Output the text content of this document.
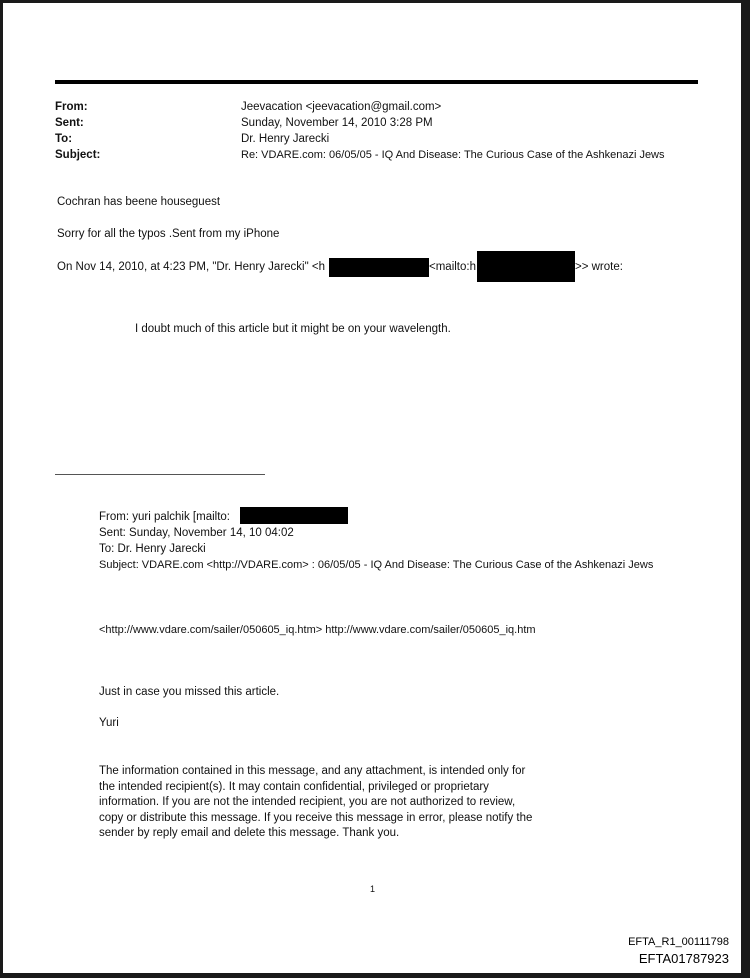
From:
Sent:
To:
Subject:
Jeevacation <jeevacation@gmail.com>
Sunday, November 14, 2010 3:28 PM
Dr. Henry Jarecki
Re: VDARE.com: 06/05/05 - IQ And Disease: The Curious Case of the Ashkenazi Jews
Cochran has beene houseguest
Sorry for all the typos .Sent from my iPhone
On Nov 14, 2010, at 4:23 PM, "Dr. Henry Jarecki" <h	<mailto:h	>> wrote:
I doubt much of this article but it might be on your wavelength.
From: yuri palchik [mailto:
Sent: Sunday, November 14, 10 04:02
To: Dr. Henry Jarecki
Subject: VDARE.com <http://VDARE.com> : 06/05/05 - IQ And Disease: The Curious Case of the Ashkenazi Jews
<http://www.vdare.com/sailer/050605_iq.htm> http://www.vdare.com/sailer/050605_iq.htm
Just in case you missed this article.
Yuri
The information contained in this message, and any attachment, is intended only for the intended recipient(s). It may contain confidential, privileged or proprietary information. If you are not the intended recipient, you are not authorized to review, copy or distribute this message. If you receive this message in error, please notify the sender by reply email and delete this message. Thank you.
1
EFTA_R1_00111798
EFTA01787923
